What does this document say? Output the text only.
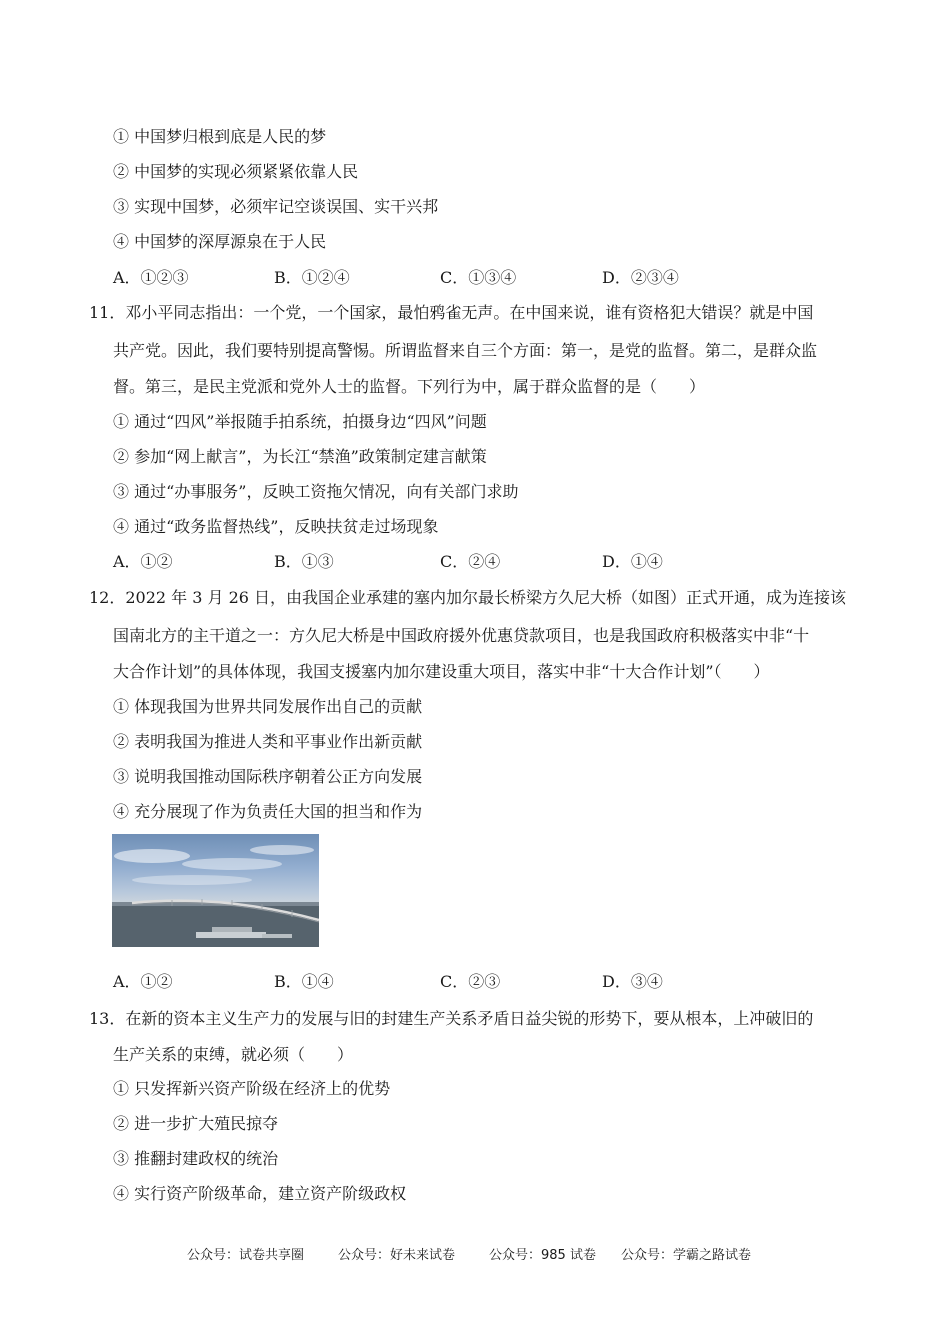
① 中国梦归根到底是人民的梦
② 中国梦的实现必须紧紧依靠人民
③ 实现中国梦，必须牢记空谈误国、实干兴邦
④ 中国梦的深厚源泉在于人民
A．①②③	B．①②④	C．①③④	D．②③④
11．邓小平同志指出：一个党，一个国家，最怕鸦雀无声。在中国来说，谁有资格犯大错误？就是中国
共产党。因此，我们要特别提高警惕。所谓监督来自三个方面：第一，是党的监督。第二，是群众监
督。第三，是民主党派和党外人士的监督。下列行为中，属于群众监督的是（　　）
① 通过“四风”举报随手拍系统，拍摄身边“四风”问题
② 参加“网上献言”，为长江“禁渔”政策制定建言献策
③ 通过“办事服务”，反映工资拖欠情况，向有关部门求助
④ 通过“政务监督热线”，反映扶贫走过场现象
A．①②	B．①③	C．②④	D．①④
12．2022 年 3 月 26 日，由我国企业承建的塞内加尔最长桥梁方久尼大桥（如图）正式开通，成为连接该
国南北方的主干道之一：方久尼大桥是中国政府援外优惠贷款项目，也是我国政府积极落实中非“十
大合作计划”的具体体现，我国支援塞内加尔建设重大项目，落实中非“十大合作计划”（　　）
① 体现我国为世界共同发展作出自己的贡献
② 表明我国为推进人类和平事业作出新贡献
③ 说明我国推动国际秩序朝着公正方向发展
④ 充分展现了作为负责任大国的担当和作为
A．①②	B．①④	C．②③	D．③④
13．在新的资本主义生产力的发展与旧的封建生产关系矛盾日益尖锐的形势下，要从根本，上冲破旧的
生产关系的束缚，就必须（　　）
① 只发挥新兴资产阶级在经济上的优势
② 进一步扩大殖民掠夺
③ 推翻封建政权的统治
④ 实行资产阶级革命，建立资产阶级政权
公众号：试卷共享圈	公众号：好未来试卷	公众号：985 试卷 公众号：学霸之路试卷
